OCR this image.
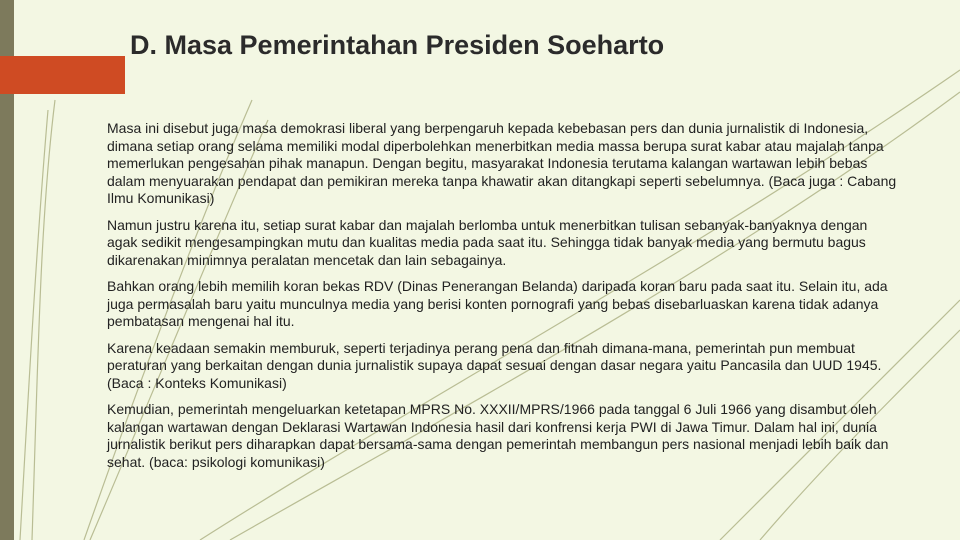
D. Masa Pemerintahan Presiden Soeharto

Masa ini disebut juga masa demokrasi liberal yang berpengaruh kepada kebebasan pers dan dunia jurnalistik di Indonesia, dimana setiap orang selama memiliki modal diperbolehkan menerbitkan media massa berupa surat kabar atau majalah tanpa memerlukan pengesahan pihak manapun. Dengan begitu, masyarakat Indonesia terutama kalangan wartawan lebih bebas dalam menyuarakan pendapat dan pemikiran mereka tanpa khawatir akan ditangkapi seperti sebelumnya. (Baca juga : Cabang Ilmu Komunikasi)

Namun justru karena itu, setiap surat kabar dan majalah berlomba untuk menerbitkan tulisan sebanyak-banyaknya dengan agak sedikit mengesampingkan mutu dan kualitas media pada saat itu. Sehingga tidak banyak media yang bermutu bagus dikarenakan minimnya peralatan mencetak dan lain sebagainya.

Bahkan orang lebih memilih koran bekas RDV (Dinas Penerangan Belanda) daripada koran baru pada saat itu. Selain itu, ada juga permasalah baru yaitu munculnya media yang berisi konten pornografi yang bebas disebarluaskan karena tidak adanya pembatasan mengenai hal itu.

Karena keadaan semakin memburuk, seperti terjadinya perang pena dan fitnah dimana-mana, pemerintah pun membuat peraturan yang berkaitan dengan dunia jurnalistik supaya dapat sesuai dengan dasar negara yaitu Pancasila dan UUD 1945. (Baca : Konteks Komunikasi)

Kemudian, pemerintah mengeluarkan ketetapan MPRS No. XXXII/MPRS/1966 pada tanggal 6 Juli 1966 yang disambut oleh kalangan wartawan dengan Deklarasi Wartawan Indonesia hasil dari konfrensi kerja PWI di Jawa Timur. Dalam hal ini, dunia jurnalistik berikut pers diharapkan dapat bersama-sama dengan pemerintah membangun pers nasional menjadi lebih baik dan sehat. (baca: psikologi komunikasi)
